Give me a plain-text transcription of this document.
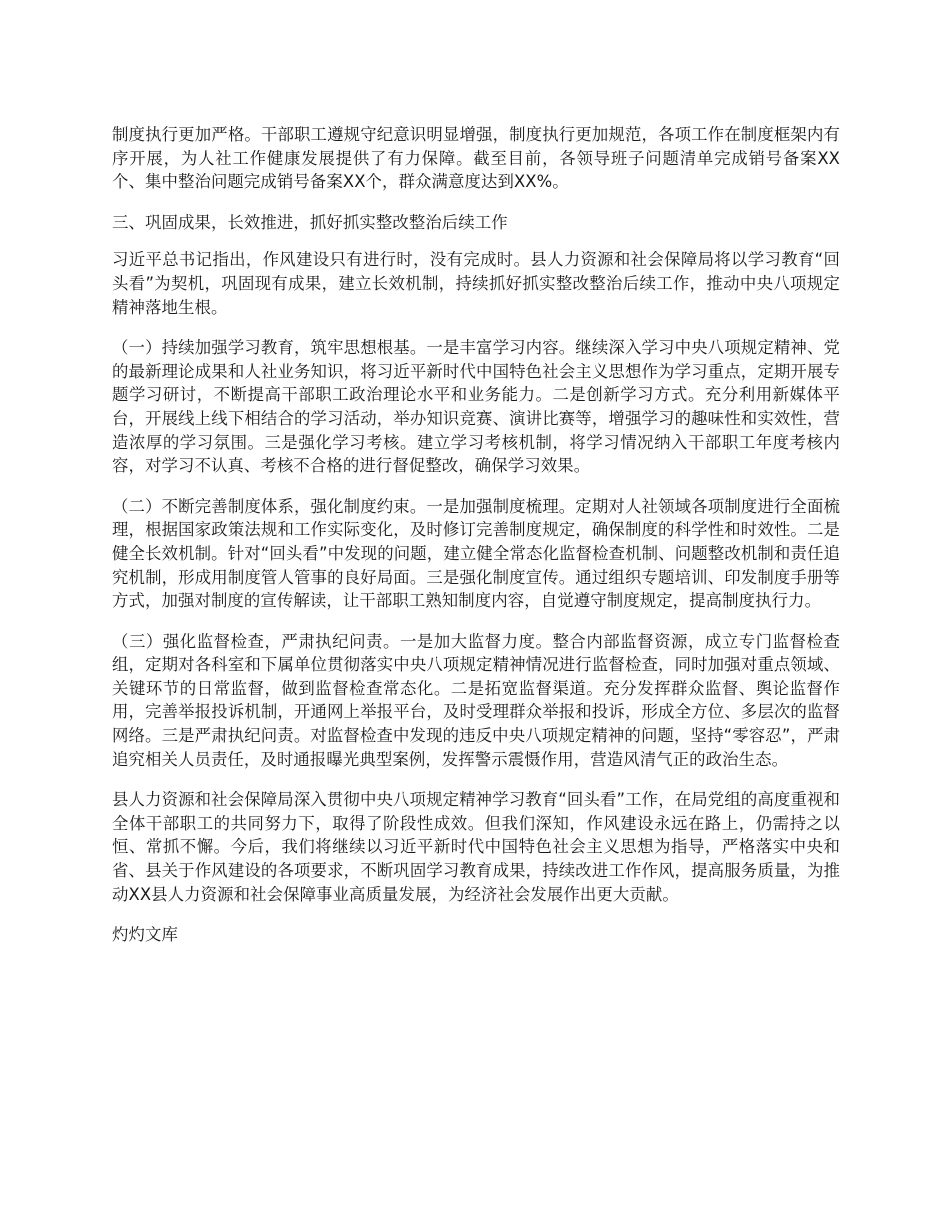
制度执行更加严格。干部职工遵规守纪意识明显增强，制度执行更加规范，各项工作在制度框架内有序开展，为人社工作健康发展提供了有力保障。截至目前，各领导班子问题清单完成销号备案XX个、集中整治问题完成销号备案XX个，群众满意度达到XX%。

三、巩固成果，长效推进，抓好抓实整改整治后续工作

习近平总书记指出，作风建设只有进行时，没有完成时。县人力资源和社会保障局将以学习教育“回头看”为契机，巩固现有成果，建立长效机制，持续抓好抓实整改整治后续工作，推动中央八项规定精神落地生根。

（一）持续加强学习教育，筑牢思想根基。一是丰富学习内容。继续深入学习中央八项规定精神、党的最新理论成果和人社业务知识，将习近平新时代中国特色社会主义思想作为学习重点，定期开展专题学习研讨，不断提高干部职工政治理论水平和业务能力。二是创新学习方式。充分利用新媒体平台，开展线上线下相结合的学习活动，举办知识竞赛、演讲比赛等，增强学习的趣味性和实效性，营造浓厚的学习氛围。三是强化学习考核。建立学习考核机制，将学习情况纳入干部职工年度考核内容，对学习不认真、考核不合格的进行督促整改，确保学习效果。

（二）不断完善制度体系，强化制度约束。一是加强制度梳理。定期对人社领域各项制度进行全面梳理，根据国家政策法规和工作实际变化，及时修订完善制度规定，确保制度的科学性和时效性。二是健全长效机制。针对“回头看”中发现的问题，建立健全常态化监督检查机制、问题整改机制和责任追究机制，形成用制度管人管事的良好局面。三是强化制度宣传。通过组织专题培训、印发制度手册等方式，加强对制度的宣传解读，让干部职工熟知制度内容，自觉遵守制度规定，提高制度执行力。

（三）强化监督检查，严肃执纪问责。一是加大监督力度。整合内部监督资源，成立专门监督检查组，定期对各科室和下属单位贯彻落实中央八项规定精神情况进行监督检查，同时加强对重点领域、关键环节的日常监督，做到监督检查常态化。二是拓宽监督渠道。充分发挥群众监督、舆论监督作用，完善举报投诉机制，开通网上举报平台，及时受理群众举报和投诉，形成全方位、多层次的监督网络。三是严肃执纪问责。对监督检查中发现的违反中央八项规定精神的问题，坚持“零容忍”，严肃追究相关人员责任，及时通报曝光典型案例，发挥警示震慑作用，营造风清气正的政治生态。

县人力资源和社会保障局深入贯彻中央八项规定精神学习教育“回头看”工作，在局党组的高度重视和全体干部职工的共同努力下，取得了阶段性成效。但我们深知，作风建设永远在路上，仍需持之以恒、常抓不懈。今后，我们将继续以习近平新时代中国特色社会主义思想为指导，严格落实中央和省、县关于作风建设的各项要求，不断巩固学习教育成果，持续改进工作作风，提高服务质量，为推动XX县人力资源和社会保障事业高质量发展，为经济社会发展作出更大贡献。

灼灼文库
